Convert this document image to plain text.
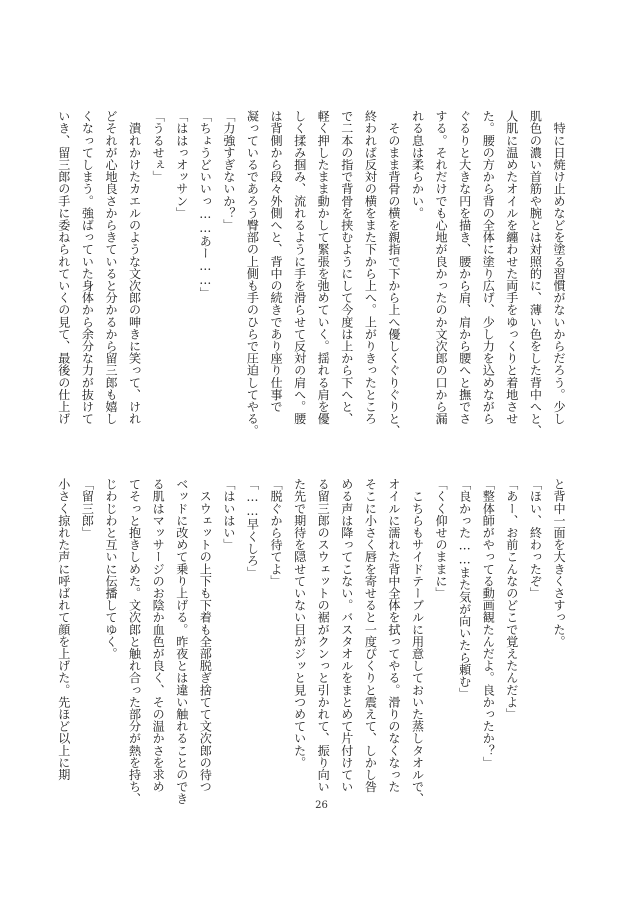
　特に日焼け止めなどを塗る習慣がないからだろう。少し

肌色の濃い首筋や腕とは対照的に、薄い色をした背中へと、

人肌に温めたオイルを纏わせた両手をゆっくりと着地させ

た。腰の方から背の全体に塗り広げ、少し力を込めながら

ぐるりと大きな円を描き、腰から肩、肩から腰へと撫でさ

する。それだけでも心地が良かったのか文次郎の口から漏

れる息は柔らかい。

　そのまま背骨の横を親指で下から上へ優しくぐりぐりと、

終われば反対の横をまた下から上へ。上がりきったところ

で二本の指で背骨を挟むようにして今度は上から下へと、

軽く押したまま動かして緊張を弛めていく。揺れる肩を優

しく揉み掴み、流れるように手を滑らせて反対の肩へ。腰

は背側から段々外側へと、背中の続きであり座り仕事で

凝っているであろう臀部の上側も手のひらで圧迫してやる。

「力強すぎないか？」

「ちょうどいいっ……あー……」

「ははっオッサン」

「うるせぇ」

　潰れかけたカエルのような文次郎の呻きに笑って、けれ

どそれが心地良さからきていると分かるから留三郎も嬉し

くなってしまう。強ばっていた身体から余分な力が抜けて

いき、留三郎の手に委ねられていくの見て、最後の仕上げ

と背中一面を大きくさすった。

「ほい、終わったぞ」

「あー、お前こんなのどこで覚えたんだよ」

「整体師がやってる動画観たんだよ。良かったか？」

「良かった……また気が向いたら頼む」

「くく仰せのままに」

　こちらもサイドテーブルに用意しておいた蒸しタオルで、

オイルに濡れた背中全体を拭ってやる。滑りのなくなった

そこに小さく唇を寄せると一度ぴくりと震えて、しかし咎

める声は降ってこない。バスタオルをまとめて片付けてい

る留三郎のスウェットの裾がクンっと引かれて、振り向い

た先で期待を隠せていない目がジッと見つめていた。

「脱ぐから待てよ」

「……早くしろ」

「はいはい」

　スウェットの上下も下着も全部脱ぎ捨てて文次郎の待つ

ベッドに改めて乗り上げる。昨夜とは違い触れることのでき

る肌はマッサージのお陰か血色が良く、その温かさを求め

てそっと抱きしめた。文次郎と触れ合った部分が熱を持ち、

じわじわと互いに伝播してゆく。

「留三郎」

小さく掠れた声に呼ばれて顔を上げた。先ほど以上に期

26
